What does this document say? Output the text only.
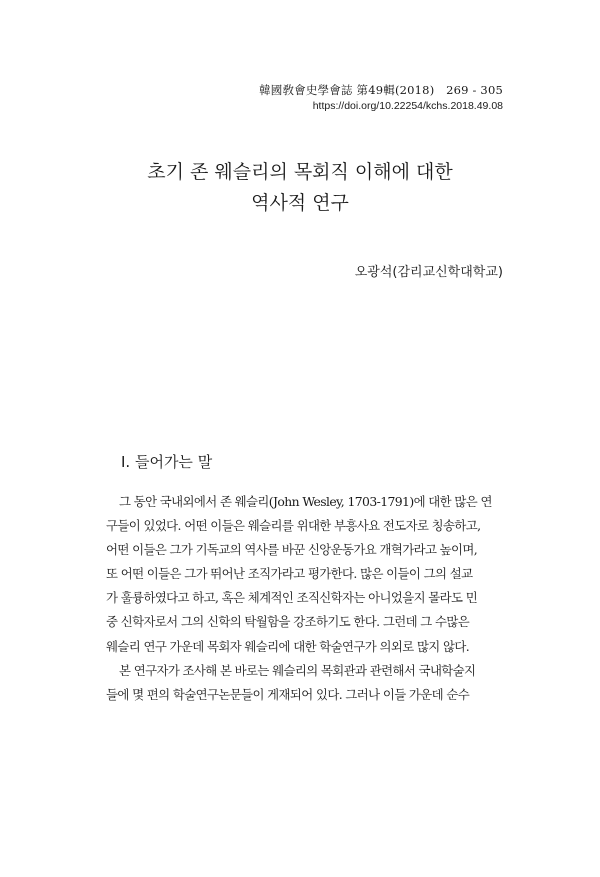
韓國敎會史學會誌 第49輯(2018)　269 - 305
https://doi.org/10.22254/kchs.2018.49.08
초기 존 웨슬리의 목회직 이해에 대한
역사적 연구
오광석(감리교신학대학교)
I. 들어가는 말
그 동안 국내외에서 존 웨슬리(John Wesley, 1703-1791)에 대한 많은 연
구들이 있었다. 어떤 이들은 웨슬리를 위대한 부흥사요 전도자로 칭송하고,
어떤 이들은 그가 기독교의 역사를 바꾼 신앙운동가요 개혁가라고 높이며,
또 어떤 이들은 그가 뛰어난 조직가라고 평가한다. 많은 이들이 그의 설교
가 훌륭하였다고 하고, 혹은 체계적인 조직신학자는 아니었을지 몰라도 민
중 신학자로서 그의 신학의 탁월함을 강조하기도 한다. 그런데 그 수많은
웨슬리 연구 가운데 목회자 웨슬리에 대한 학술연구가 의외로 많지 않다.
본 연구자가 조사해 본 바로는 웨슬리의 목회관과 관련해서 국내학술지
들에 몇 편의 학술연구논문들이 게재되어 있다. 그러나 이들 가운데 순수
